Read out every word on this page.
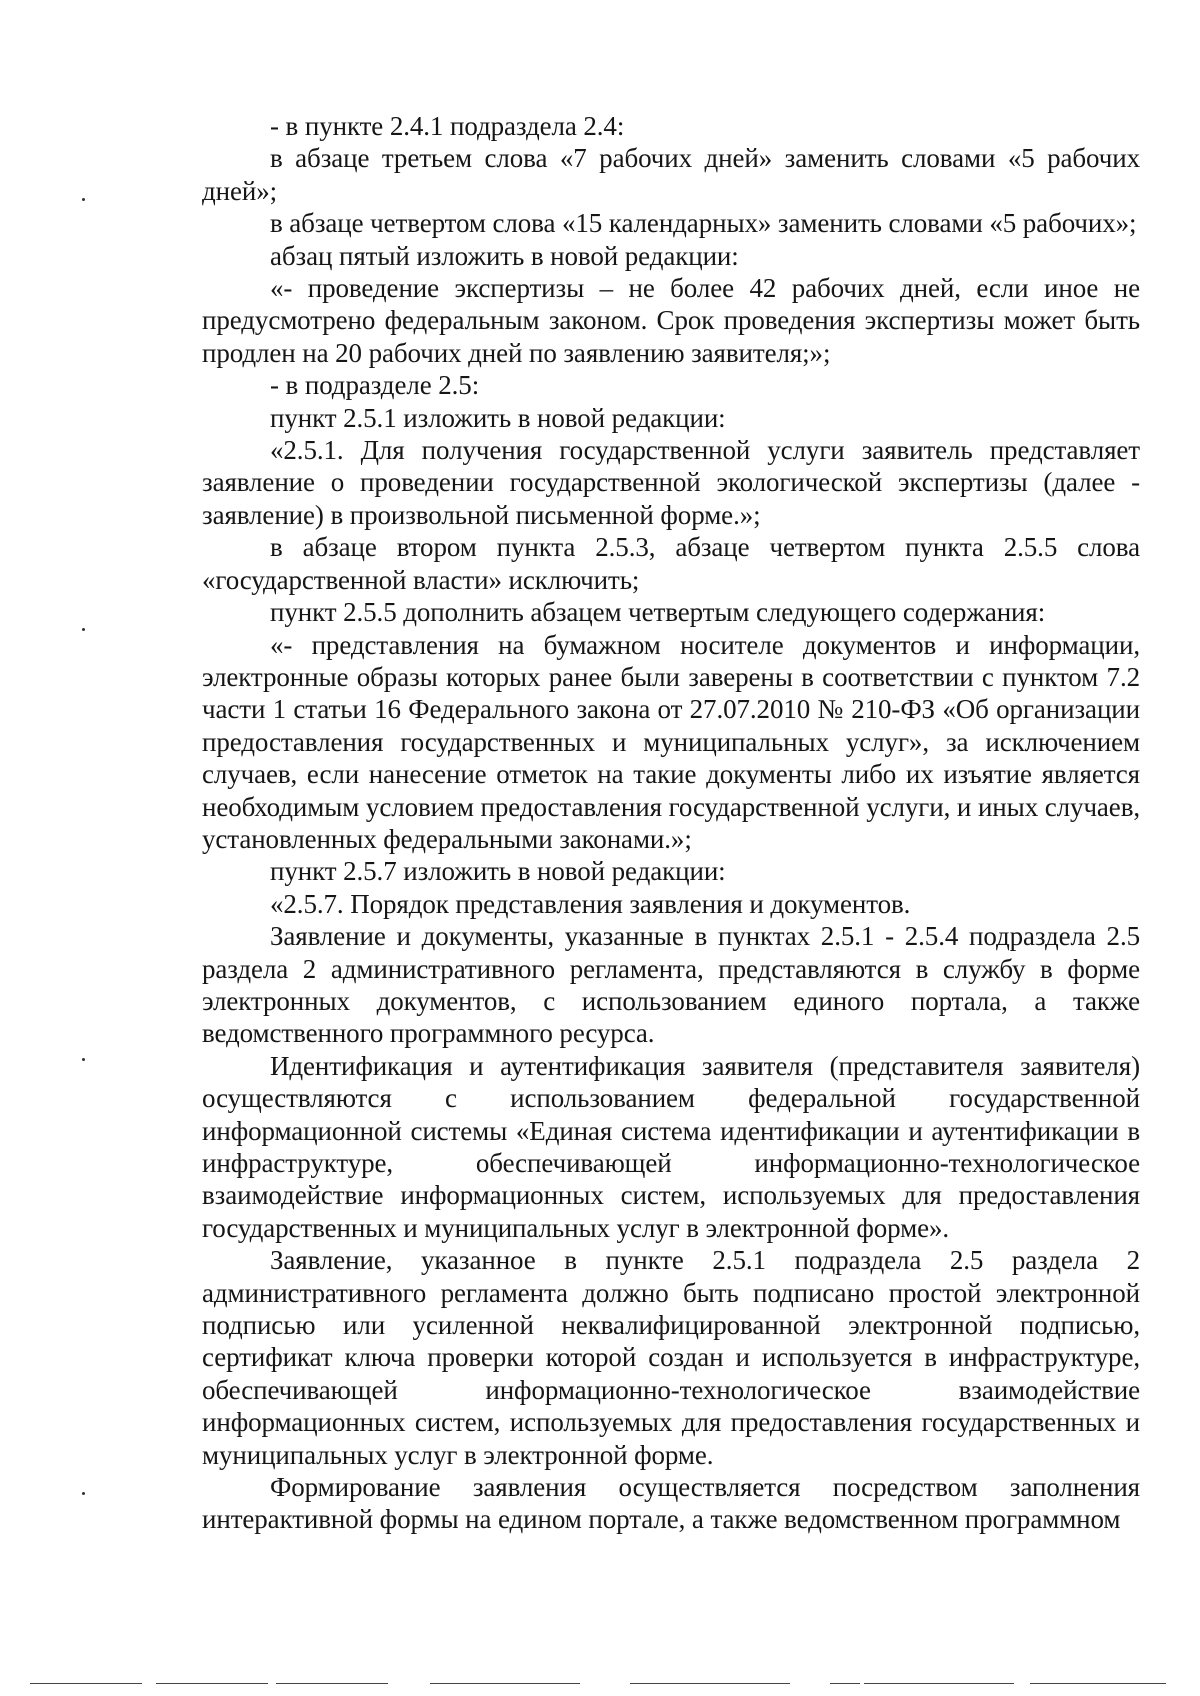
- в пункте 2.4.1 подраздела 2.4:

в абзаце третьем слова «7 рабочих дней» заменить словами «5 рабочих дней»;

в абзаце четвертом слова «15 календарных» заменить словами «5 рабочих»;

абзац пятый изложить в новой редакции:

«- проведение экспертизы – не более 42 рабочих дней, если иное не предусмотрено федеральным законом. Срок проведения экспертизы может быть продлен на 20 рабочих дней по заявлению заявителя;»;

- в подразделе 2.5:

пункт 2.5.1 изложить в новой редакции:

«2.5.1. Для получения государственной услуги заявитель представляет заявление о проведении государственной экологической экспертизы (далее - заявление) в произвольной письменной форме.»;

в абзаце втором пункта 2.5.3, абзаце четвертом пункта 2.5.5 слова «государственной власти» исключить;

пункт 2.5.5 дополнить абзацем четвертым следующего содержания:

«- представления на бумажном носителе документов и информации, электронные образы которых ранее были заверены в соответствии с пунктом 7.2 части 1 статьи 16 Федерального закона от 27.07.2010 № 210-ФЗ «Об организации предоставления государственных и муниципальных услуг», за исключением случаев, если нанесение отметок на такие документы либо их изъятие является необходимым условием предоставления государственной услуги, и иных случаев, установленных федеральными законами.»;

пункт 2.5.7 изложить в новой редакции:

«2.5.7. Порядок представления заявления и документов.

Заявление и документы, указанные в пунктах 2.5.1 - 2.5.4 подраздела 2.5 раздела 2 административного регламента, представляются в службу в форме электронных документов, с использованием единого портала, а также ведомственного программного ресурса.

Идентификация и аутентификация заявителя (представителя заявителя) осуществляются с использованием федеральной государственной информационной системы «Единая система идентификации и аутентификации в инфраструктуре, обеспечивающей информационно-технологическое взаимодействие информационных систем, используемых для предоставления государственных и муниципальных услуг в электронной форме».

Заявление, указанное в пункте 2.5.1 подраздела 2.5 раздела 2 административного регламента должно быть подписано простой электронной подписью или усиленной неквалифицированной электронной подписью, сертификат ключа проверки которой создан и используется в инфраструктуре, обеспечивающей информационно-технологическое взаимодействие информационных систем, используемых для предоставления государственных и муниципальных услуг в электронной форме.

Формирование заявления осуществляется посредством заполнения интерактивной формы на едином портале, а также ведомственном программном
